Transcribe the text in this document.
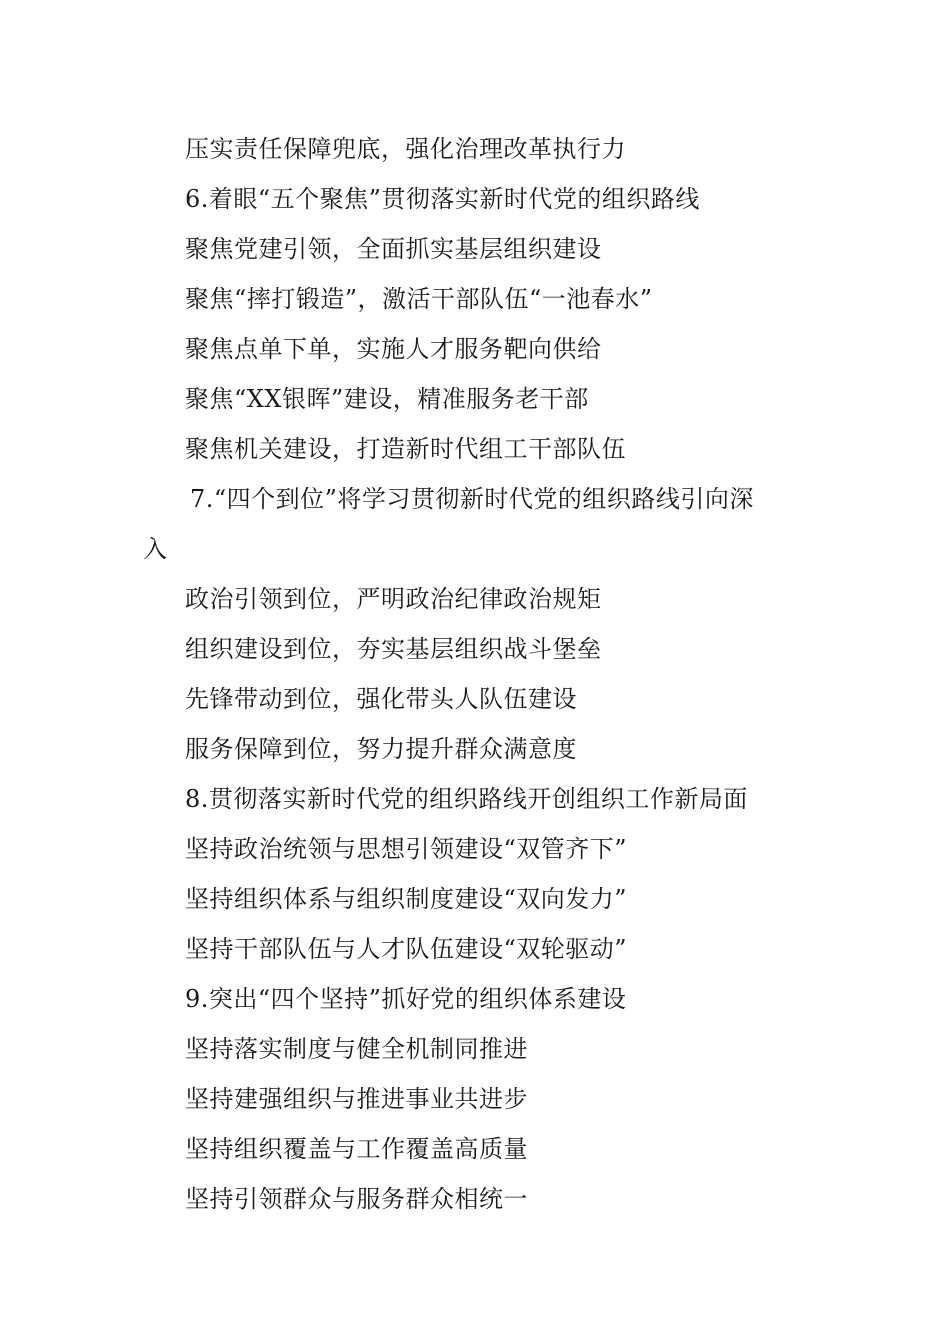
压实责任保障兜底，强化治理改革执行力
6.着眼“五个聚焦”贯彻落实新时代党的组织路线
聚焦党建引领，全面抓实基层组织建设
聚焦“摔打锻造”，激活干部队伍“一池春水”
聚焦点单下单，实施人才服务靶向供给
聚焦“XX银晖”建设，精准服务老干部
聚焦机关建设，打造新时代组工干部队伍
7.“四个到位”将学习贯彻新时代党的组织路线引向深
入
政治引领到位，严明政治纪律政治规矩
组织建设到位，夯实基层组织战斗堡垒
先锋带动到位，强化带头人队伍建设
服务保障到位，努力提升群众满意度
8.贯彻落实新时代党的组织路线开创组织工作新局面
坚持政治统领与思想引领建设“双管齐下”
坚持组织体系与组织制度建设“双向发力”
坚持干部队伍与人才队伍建设“双轮驱动”
9.突出“四个坚持”抓好党的组织体系建设
坚持落实制度与健全机制同推进
坚持建强组织与推进事业共进步
坚持组织覆盖与工作覆盖高质量
坚持引领群众与服务群众相统一
